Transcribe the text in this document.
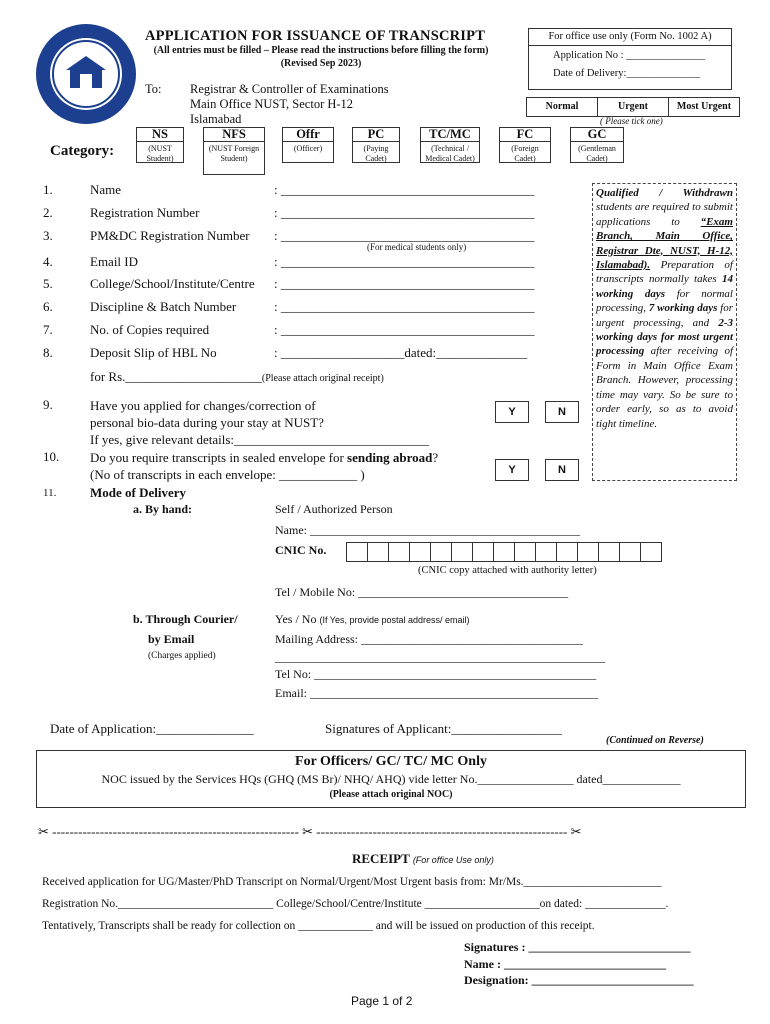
APPLICATION FOR ISSUANCE OF TRANSCRIPT
(All entries must be filled – Please read the instructions before filling the form) (Revised Sep 2023)
For office use only (Form No. 1002 A)
Application No : _______________
Date of Delivery:______________
Normal	Urgent	Most Urgent
( Please tick one)
To: Registrar & Controller of Examinations
Main Office NUST, Sector H-12
Islamabad
Category:
NS
(NUST Student)
NFS
(NUST Foreign Student)
Offr
(Officer)
PC
(Paying Cadet)
TC/MC
(Technical / Medical Cadet)
FC
(Foreign Cadet)
GC
(Gentleman Cadet)
1.	Name	: _______________________________________
2.	Registration Number	: _______________________________________
3.	PM&DC Registration Number : _______________________________________
(For medical students only)
4.	Email ID	: _______________________________________
5.	College/School/Institute/Centre : _______________________________________
6.	Discipline & Batch Number	: _______________________________________
7.	No. of Copies required	: _______________________________________
8.	Deposit Slip of HBL No	: ___________________dated:______________
for Rs._____________________(Please attach original receipt)
Qualified / Withdrawn students are required to submit applications to “Exam Branch, Main Office, Registrar Dte, NUST, H-12, Islamabad). Preparation of transcripts normally takes 14 working days for normal processing, 7 working days for urgent processing, and 2-3 working days for most urgent processing after receiving of Form in Main Office Exam Branch. However, processing time may vary. So be sure to order early, so as to avoid tight timeline.
9.	Have you applied for changes/correction of
personal bio-data during your stay at NUST?
If yes, give relevant details:______________________________
Y	N
10. Do you require transcripts in sealed envelope for sending abroad?
(No of transcripts in each envelope: ____________ )	Y	N
11.	Mode of Delivery
a. By hand:	Self / Authorized Person
Name: _____________________________________________
CNIC No.
(CNIC copy attached with authority letter)
Tel / Mobile No: ___________________________________
b. Through Courier/
by Email
(Charges applied)
Yes / No (If Yes, provide postal address/ email)
Mailing Address: _____________________________________
_______________________________________________________
Tel No: _______________________________________________
Email: ________________________________________________
Date of Application:_______________	Signatures of Applicant:_________________
(Continued on Reverse)
For Officers/ GC/ TC/ MC Only
NOC issued by the Services HQs (GHQ (MS Br)/ NHQ/ AHQ) vide letter No.________________ dated_____________
(Please attach original NOC)
✂ --------------------------------------------------------- ✂ ---------------------------------------------------------- ✂
RECEIPT (For office Use only)
Received application for UG/Master/PhD Transcript on Normal/Urgent/Most Urgent basis from: Mr/Ms.________________________
Registration No.___________________________ College/School/Centre/Institute ____________________on dated: ______________.
Tentatively, Transcripts shall be ready for collection on _____________ and will be issued on production of this receipt.
Signatures : ___________________________
Name : ___________________________
Designation: ___________________________
Page 1 of 2
